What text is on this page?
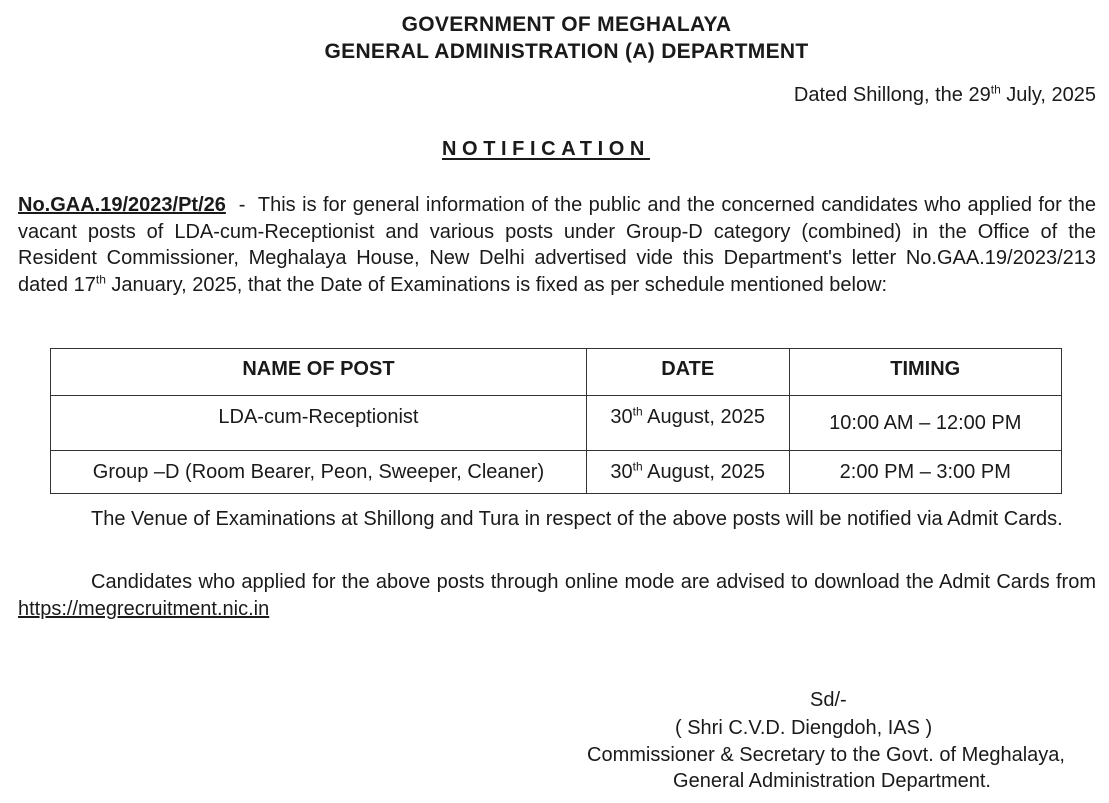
GOVERNMENT OF MEGHALAYA
GENERAL ADMINISTRATION (A) DEPARTMENT
Dated Shillong, the 29th July, 2025
NOTIFICATION

No.GAA.19/2023/Pt/26  -  This is for general information of the public and the concerned candidates who applied for the vacant posts of LDA-cum-Receptionist and various posts under Group-D category (combined) in the Office of the Resident Commissioner, Meghalaya House, New Delhi advertised vide this Department's letter No.GAA.19/2023/213 dated 17th January, 2025, that the Date of Examinations is fixed as per schedule mentioned below:

NAME OF POST	DATE	TIMING
LDA-cum-Receptionist	30th August, 2025	10:00 AM – 12:00 PM
Group –D (Room Bearer, Peon, Sweeper, Cleaner)	30th August, 2025	2:00 PM – 3:00 PM

The Venue of Examinations at Shillong and Tura in respect of the above posts will be notified via Admit Cards.

Candidates who applied for the above posts through online mode are advised to download the Admit Cards from https://megrecruitment.nic.in

Sd/-
( Shri C.V.D. Diengdoh, IAS )
Commissioner & Secretary to the Govt. of Meghalaya,
General Administration Department.
